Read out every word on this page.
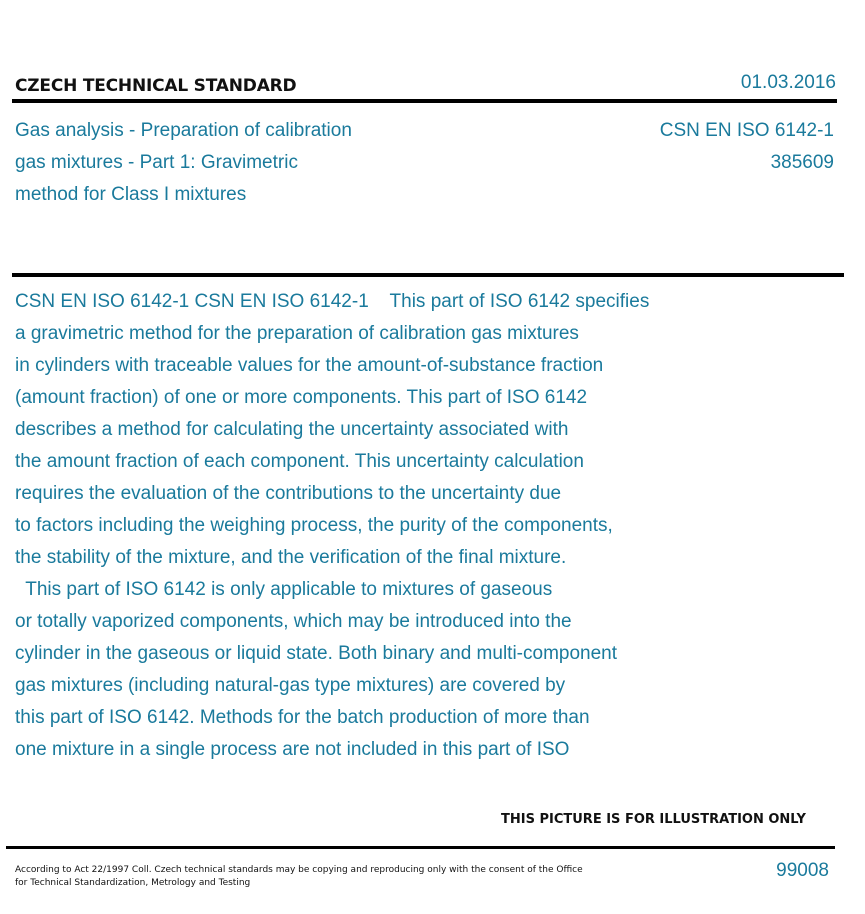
CZECH TECHNICAL STANDARD	01.03.2016
Gas analysis - Preparation of calibration
gas mixtures - Part 1: Gravimetric
method for Class I mixtures
CSN EN ISO 6142-1
385609
CSN EN ISO 6142-1 CSN EN ISO 6142-1    This part of ISO 6142 specifies
a gravimetric method for the preparation of calibration gas mixtures
in cylinders with traceable values for the amount-of-substance fraction
(amount fraction) of one or more components. This part of ISO 6142
describes a method for calculating the uncertainty associated with
the amount fraction of each component. This uncertainty calculation
requires the evaluation of the contributions to the uncertainty due
to factors including the weighing process, the purity of the components,
the stability of the mixture, and the verification of the final mixture.
This part of ISO 6142 is only applicable to mixtures of gaseous
or totally vaporized components, which may be introduced into the
cylinder in the gaseous or liquid state. Both binary and multi-component
gas mixtures (including natural-gas type mixtures) are covered by
this part of ISO 6142. Methods for the batch production of more than
one mixture in a single process are not included in this part of ISO
THIS PICTURE IS FOR ILLUSTRATION ONLY
According to Act 22/1997 Coll. Czech technical standards may be copying and reproducing only with the consent of the Office
for Technical Standardization, Metrology and Testing
99008
